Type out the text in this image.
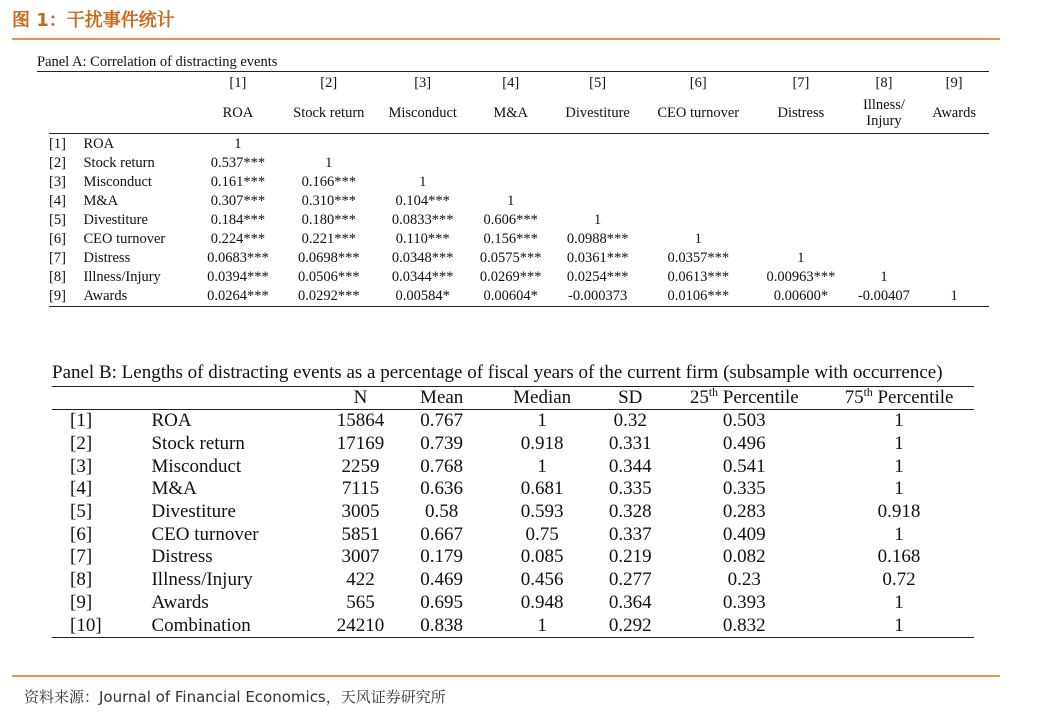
图 1：干扰事件统计
Panel A: Correlation of distracting events
		[1]	[2]	[3]	[4]	[5]	[6]	[7]	[8]	[9]
		ROA	Stock return	Misconduct	M&A	Divestiture	CEO turnover	Distress	Illness/
Injury	Awards
[1]	ROA	1								
[2]	Stock return	0.537***	1							
[3]	Misconduct	0.161***	0.166***	1						
[4]	M&A	0.307***	0.310***	0.104***	1					
[5]	Divestiture	0.184***	0.180***	0.0833***	0.606***	1				
[6]	CEO turnover	0.224***	0.221***	0.110***	0.156***	0.0988***	1			
[7]	Distress	0.0683***	0.0698***	0.0348***	0.0575***	0.0361***	0.0357***	1		
[8]	Illness/Injury	0.0394***	0.0506***	0.0344***	0.0269***	0.0254***	0.0613***	0.00963***	1	
[9]	Awards	0.0264***	0.0292***	0.00584*	0.00604*	-0.000373	0.0106***	0.00600*	-0.00407	1
Panel B: Lengths of distracting events as a percentage of fiscal years of the current firm (subsample with occurrence)
		N	Mean	Median	SD	25th Percentile	75th Percentile
[1]	ROA	15864	0.767	1	0.32	0.503	1
[2]	Stock return	17169	0.739	0.918	0.331	0.496	1
[3]	Misconduct	2259	0.768	1	0.344	0.541	1
[4]	M&A	7115	0.636	0.681	0.335	0.335	1
[5]	Divestiture	3005	0.58	0.593	0.328	0.283	0.918
[6]	CEO turnover	5851	0.667	0.75	0.337	0.409	1
[7]	Distress	3007	0.179	0.085	0.219	0.082	0.168
[8]	Illness/Injury	422	0.469	0.456	0.277	0.23	0.72
[9]	Awards	565	0.695	0.948	0.364	0.393	1
[10]	Combination	24210	0.838	1	0.292	0.832	1
资料来源：Journal of Financial Economics，天风证券研究所
